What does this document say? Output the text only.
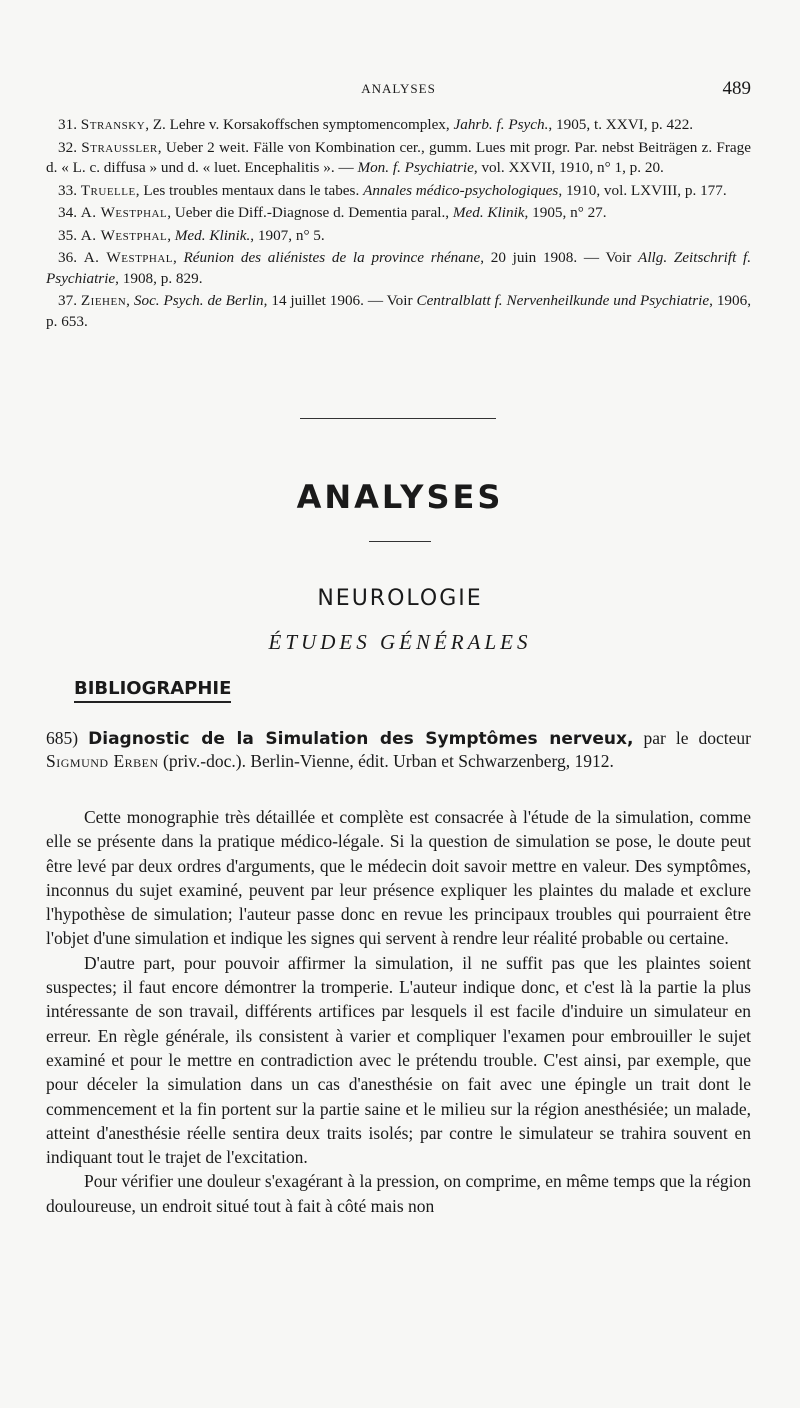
ANALYSES	489

31. Stransky, Z. Lehre v. Korsakoffschen symptomencomplex, Jahrb. f. Psych., 1905, t. XXVI, p. 422.

32. Straussler, Ueber 2 weit. Fälle von Kombination cer., gumm. Lues mit progr. Par. nebst Beiträgen z. Frage d. « L. c. diffusa » und d. « luet. Encephalitis ». — Mon. f. Psychiatrie, vol. XXVII, 1910, n° 1, p. 20.

33. Truelle, Les troubles mentaux dans le tabes. Annales médico-psychologiques, 1910, vol. LXVIII, p. 177.

34. A. Westphal, Ueber die Diff.-Diagnose d. Dementia paral., Med. Klinik, 1905, n° 27.

35. A. Westphal, Med. Klinik., 1907, n° 5.

36. A. Westphal, Réunion des aliénistes de la province rhénane, 20 juin 1908. — Voir Allg. Zeitschrift f. Psychiatrie, 1908, p. 829.

37. Ziehen, Soc. Psych. de Berlin, 14 juillet 1906. — Voir Centralblatt f. Nervenheilkunde und Psychiatrie, 1906, p. 653.

ANALYSES
NEUROLOGIE
ÉTUDES GÉNÉRALES
BIBLIOGRAPHIE
685) Diagnostic de la Simulation des Symptômes nerveux, par le docteur Sigmund Erben (priv.-doc.). Berlin-Vienne, édit. Urban et Schwarzenberg, 1912.

Cette monographie très détaillée et complète est consacrée à l'étude de la simulation, comme elle se présente dans la pratique médico-légale. Si la question de simulation se pose, le doute peut être levé par deux ordres d'arguments, que le médecin doit savoir mettre en valeur. Des symptômes, inconnus du sujet examiné, peuvent par leur présence expliquer les plaintes du malade et exclure l'hypothèse de simulation; l'auteur passe donc en revue les principaux troubles qui pourraient être l'objet d'une simulation et indique les signes qui servent à rendre leur réalité probable ou certaine.

D'autre part, pour pouvoir affirmer la simulation, il ne suffit pas que les plaintes soient suspectes; il faut encore démontrer la tromperie. L'auteur indique donc, et c'est là la partie la plus intéressante de son travail, différents artifices par lesquels il est facile d'induire un simulateur en erreur. En règle générale, ils consistent à varier et compliquer l'examen pour embrouiller le sujet examiné et pour le mettre en contradiction avec le prétendu trouble. C'est ainsi, par exemple, que pour déceler la simulation dans un cas d'anesthésie on fait avec une épingle un trait dont le commencement et la fin portent sur la partie saine et le milieu sur la région anesthésiée; un malade, atteint d'anesthésie réelle sentira deux traits isolés; par contre le simulateur se trahira souvent en indiquant tout le trajet de l'excitation.

Pour vérifier une douleur s'exagérant à la pression, on comprime, en même temps que la région douloureuse, un endroit situé tout à fait à côté mais non
